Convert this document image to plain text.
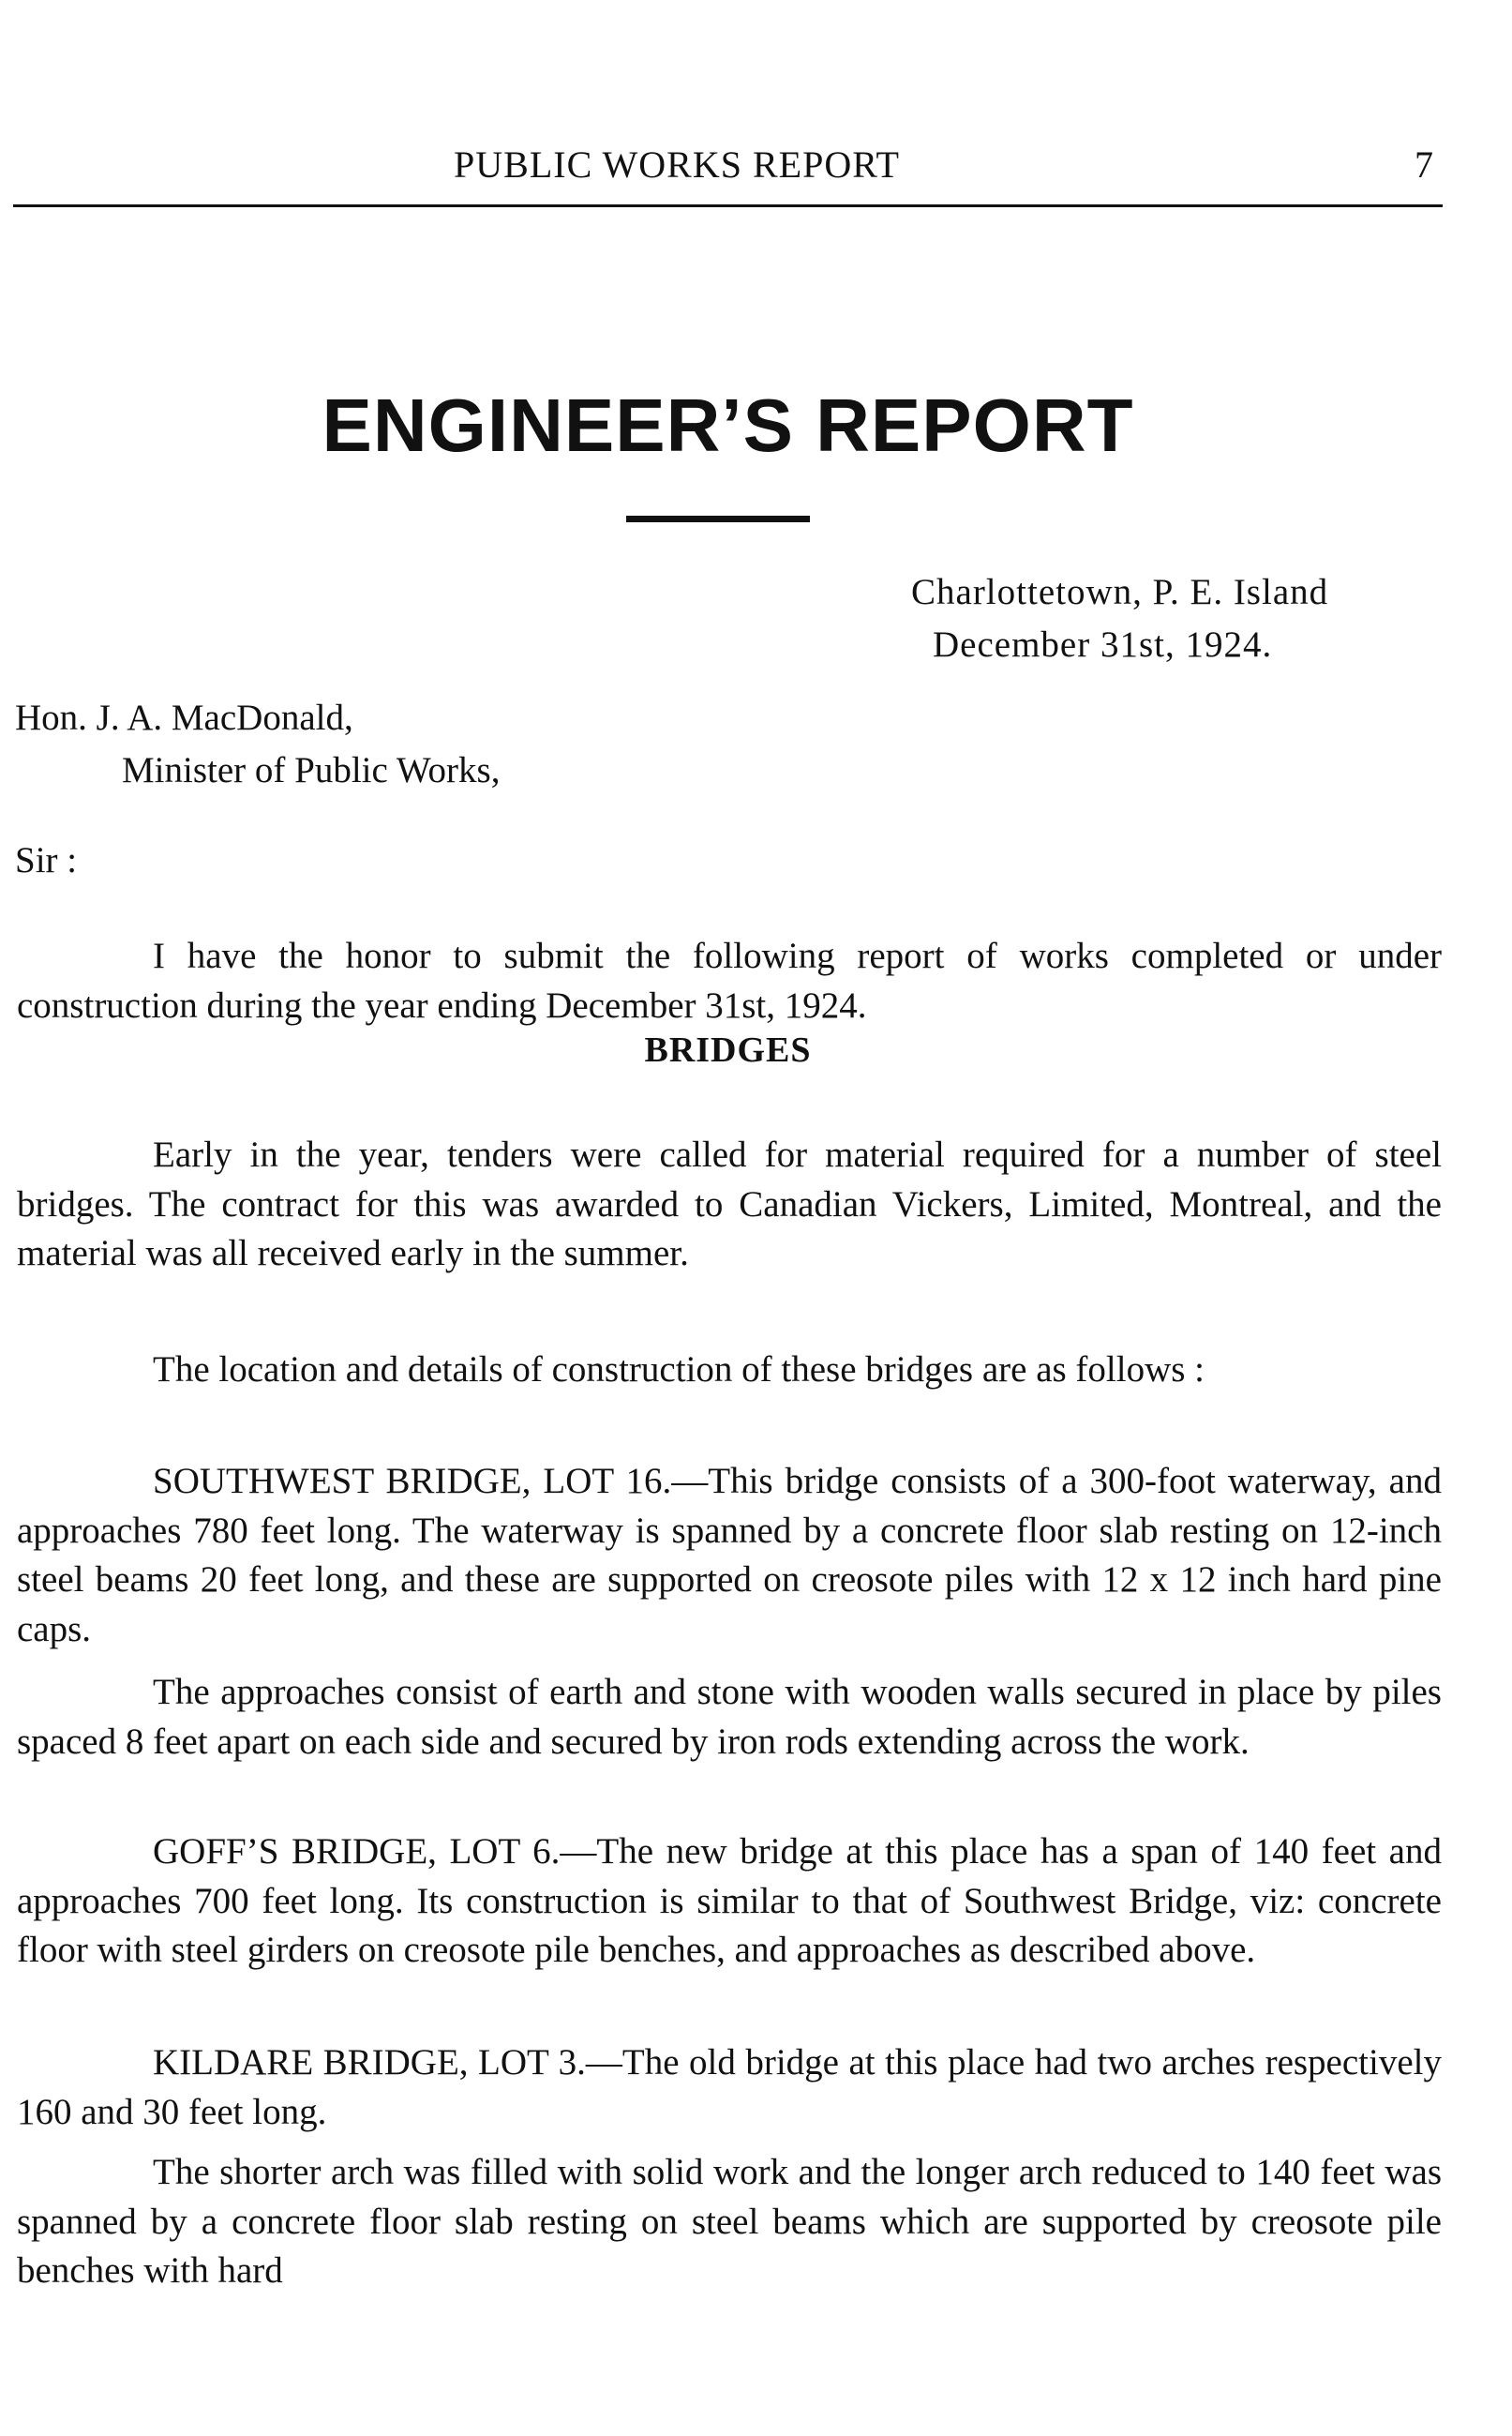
PUBLIC WORKS REPORT	7
ENGINEER’S REPORT
Charlottetown, P. E. Island
December 31st, 1924.
Hon. J. A. MacDonald,
Minister of Public Works,
Sir :

I have the honor to submit the following report of works completed or under construction during the year ending December 31st, 1924.

BRIDGES

Early in the year, tenders were called for material required for a number of steel bridges. The contract for this was awarded to Canadian Vickers, Limited, Montreal, and the material was all received early in the summer.

The location and details of construction of these bridges are as follows :

SOUTHWEST BRIDGE, LOT 16.—This bridge consists of a 300-foot waterway, and approaches 780 feet long. The waterway is spanned by a concrete floor slab resting on 12-inch steel beams 20 feet long, and these are supported on creosote piles with 12 x 12 inch hard pine caps.

The approaches consist of earth and stone with wooden walls secured in place by piles spaced 8 feet apart on each side and secured by iron rods extending across the work.

GOFF’S BRIDGE, LOT 6.—The new bridge at this place has a span of 140 feet and approaches 700 feet long. Its construction is similar to that of Southwest Bridge, viz: concrete floor with steel girders on creosote pile benches, and approaches as described above.

KILDARE BRIDGE, LOT 3.—The old bridge at this place had two arches respectively 160 and 30 feet long.

The shorter arch was filled with solid work and the longer arch reduced to 140 feet was spanned by a concrete floor slab resting on steel beams which are supported by creosote pile benches with hard
